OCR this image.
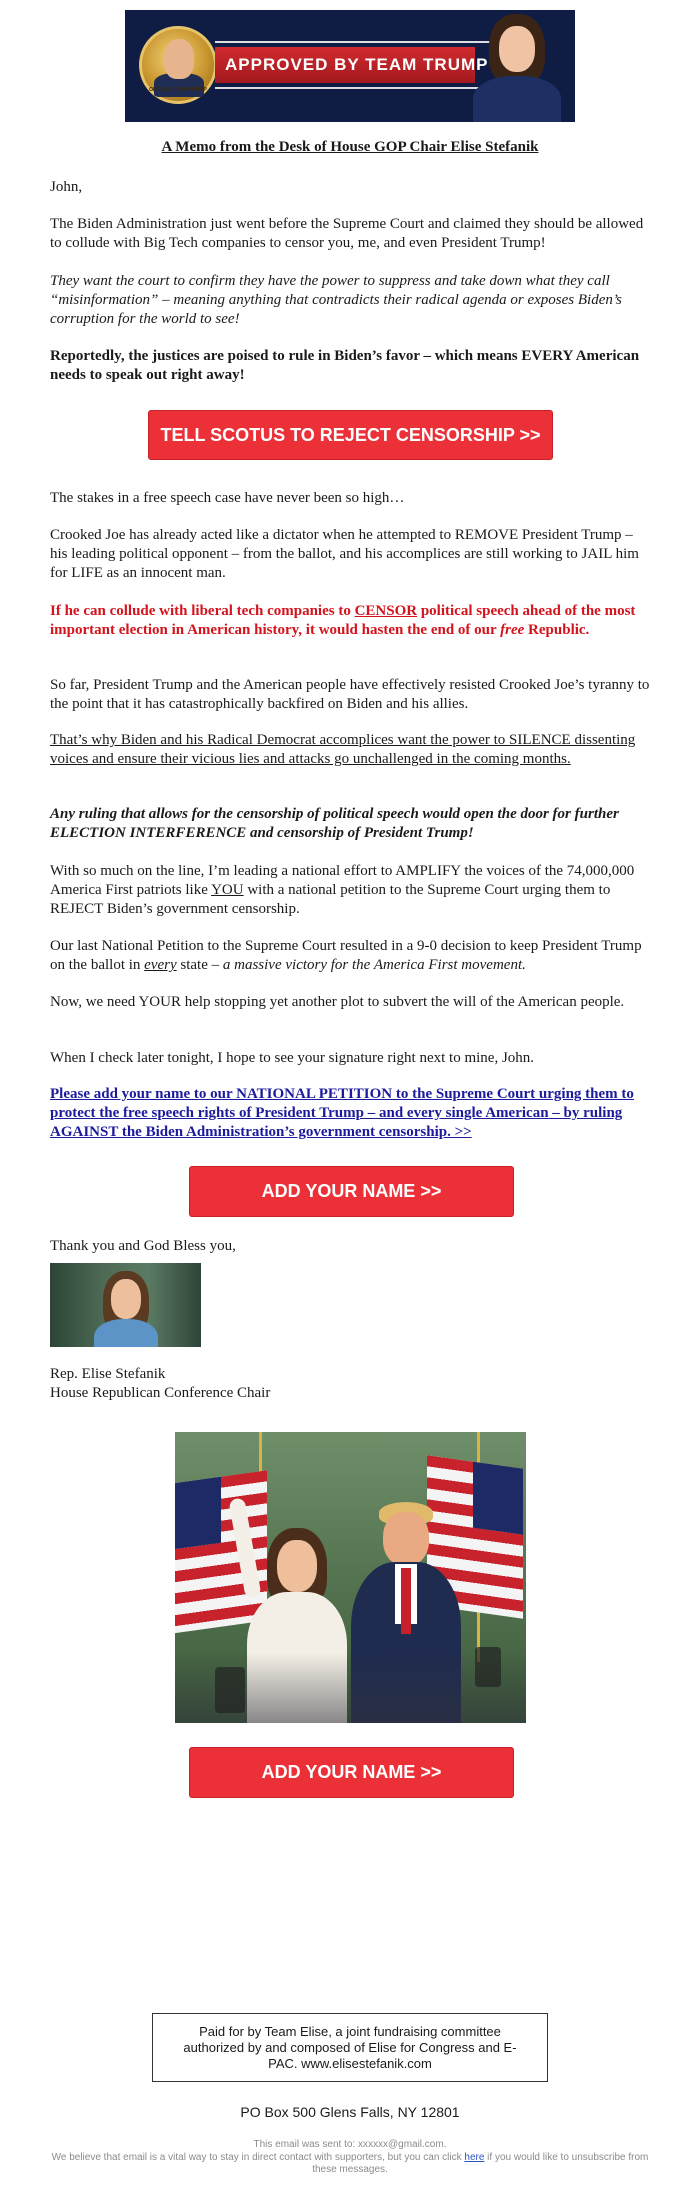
OFFICIAL TEAM TRUMP
APPROVED BY TEAM TRUMP
A Memo from the Desk of House GOP Chair Elise Stefanik

John,

The Biden Administration just went before the Supreme Court and claimed they should be allowed to collude with Big Tech companies to censor you, me, and even President Trump!

They want the court to confirm they have the power to suppress and take down what they call “misinformation” – meaning anything that contradicts their radical agenda or exposes Biden’s corruption for the world to see!

Reportedly, the justices are poised to rule in Biden’s favor – which means EVERY American needs to speak out right away!

TELL SCOTUS TO REJECT CENSORSHIP >>

The stakes in a free speech case have never been so high…

Crooked Joe has already acted like a dictator when he attempted to REMOVE President Trump – his leading political opponent – from the ballot, and his accomplices are still working to JAIL him for LIFE as an innocent man.

If he can collude with liberal tech companies to CENSOR political speech ahead of the most important election in American history, it would hasten the end of our free Republic.

So far, President Trump and the American people have effectively resisted Crooked Joe’s tyranny to the point that it has catastrophically backfired on Biden and his allies.

That’s why Biden and his Radical Democrat accomplices want the power to SILENCE dissenting voices and ensure their vicious lies and attacks go unchallenged in the coming months.

Any ruling that allows for the censorship of political speech would open the door for further ELECTION INTERFERENCE and censorship of President Trump!

With so much on the line, I’m leading a national effort to AMPLIFY the voices of the 74,000,000 America First patriots like YOU with a national petition to the Supreme Court urging them to REJECT Biden’s government censorship.

Our last National Petition to the Supreme Court resulted in a 9-0 decision to keep President Trump on the ballot in every state – a massive victory for the America First movement.

Now, we need YOUR help stopping yet another plot to subvert the will of the American people.

When I check later tonight, I hope to see your signature right next to mine, John.

Please add your name to our NATIONAL PETITION to the Supreme Court urging them to protect the free speech rights of President Trump – and every single American – by ruling AGAINST the Biden Administration’s government censorship. >>

ADD YOUR NAME >>

Thank you and God Bless you,

Rep. Elise Stefanik

House Republican Conference Chair

ADD YOUR NAME >>
Paid for by Team Elise, a joint fundraising committee authorized by and composed of Elise for Congress and E-PAC. www.elisestefanik.com
PO Box 500 Glens Falls, NY 12801
This email was sent to: xxxxxx@gmail.com.
We believe that email is a vital way to stay in direct contact with supporters, but you can click here if you would like to unsubscribe from these messages.
